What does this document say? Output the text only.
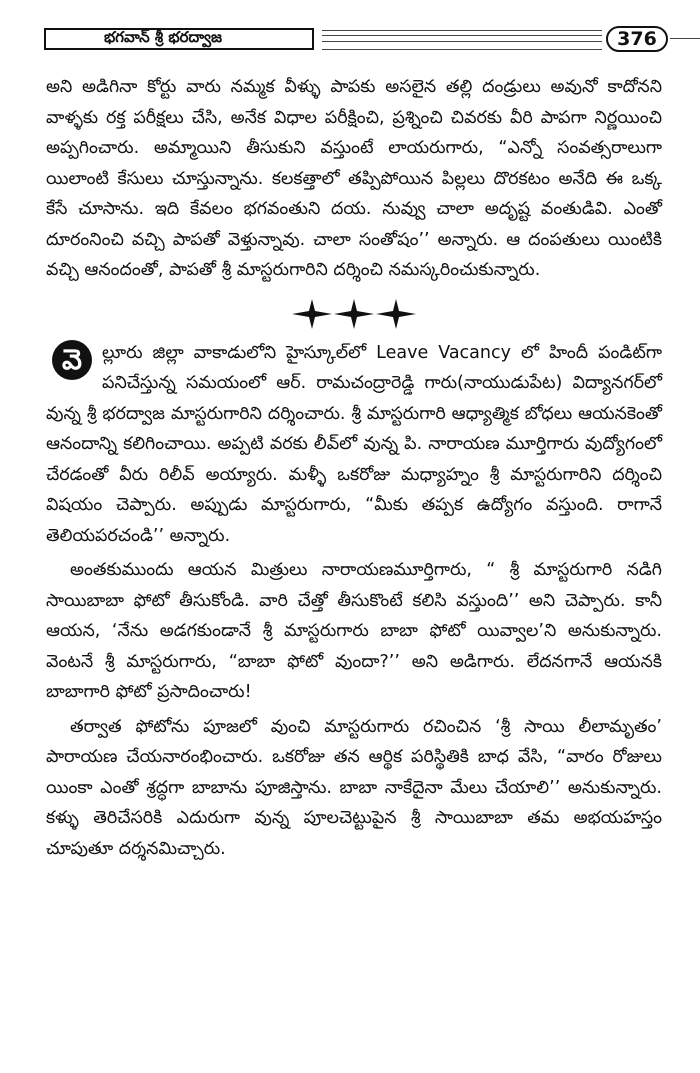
భగవాన్ శ్రీ భరద్వాజ	376

అని అడిగినా కోర్టు వారు నమ్మక వీళ్ళు పాపకు అసలైన తల్లి దండ్రులు అవునో కాదోనని వాళ్ళకు రక్త పరీక్షలు చేసి, అనేక విధాల పరీక్షించి, ప్రశ్నించి చివరకు వీరి పాపగా నిర్ణయించి అప్పగించారు. అమ్మాయిని తీసుకుని వస్తుంటే లాయరుగారు, “ఎన్నో సంవత్సరాలుగా యిలాంటి కేసులు చూస్తున్నాను. కలకత్తాలో తప్పిపోయిన పిల్లలు దొరకటం అనేది ఈ ఒక్క కేసే చూసాను. ఇది కేవలం భగవంతుని దయ. నువ్వు చాలా అదృష్ట వంతుడివి. ఎంతో దూరంనించి వచ్చి పాపతో వెళ్తున్నావు. చాలా సంతోషం’’ అన్నారు. ఆ దంపతులు యింటికి వచ్చి ఆనందంతో, పాపతో శ్రీ మాస్టరుగారిని దర్శించి నమస్కరించుకున్నారు.

వె	ల్లూరు జిల్లా వాకాడులోని హైస్కూల్‌లో Leave Vacancy లో హిందీ పండిట్‌గా పనిచేస్తున్న సమయంలో ఆర్. రామచంద్రారెడ్డి గారు(నాయుడుపేట) విద్యానగర్‌లో వున్న శ్రీ భరద్వాజ మాస్టరుగారిని దర్శించారు. శ్రీ మాస్టరుగారి ఆధ్యాత్మిక బోధలు ఆయనకెంతో ఆనందాన్ని కలిగించాయి. అప్పటి వరకు లీవ్‌లో వున్న పి. నారాయణ మూర్తిగారు వుద్యోగంలో చేరడంతో వీరు రిలీవ్ అయ్యారు. మళ్ళీ ఒకరోజు మధ్యాహ్నం శ్రీ మాస్టరుగారిని దర్శించి విషయం చెప్పారు. అప్పుడు మాస్టరుగారు, “మీకు తప్పక ఉద్యోగం వస్తుంది. రాగానే తెలియపరచండి’’ అన్నారు.

అంతకుముందు ఆయన మిత్రులు నారాయణమూర్తిగారు, “ శ్రీ మాస్టరుగారి నడిగి సాయిబాబా ఫోటో తీసుకోండి. వారి చేత్తో తీసుకొంటే కలిసి వస్తుంది’’ అని చెప్పారు. కానీ ఆయన, ‘నేను అడగకుండానే శ్రీ మాస్టరుగారు బాబా ఫోటో యివ్వాల’ని అనుకున్నారు. వెంటనే శ్రీ మాస్టరుగారు, “బాబా ఫోటో వుందా?’’ అని అడిగారు. లేదనగానే ఆయనకి బాబాగారి ఫోటో ప్రసాదించారు!

తర్వాత ఫోటోను పూజలో వుంచి మాస్టరుగారు రచించిన ‘శ్రీ సాయి లీలామృతం’ పారాయణ చేయనారంభించారు. ఒకరోజు తన ఆర్థిక పరిస్థితికి బాధ వేసి, “వారం రోజులు యింకా ఎంతో శ్రద్ధగా బాబాను పూజిస్తాను. బాబా నాకేదైనా మేలు చేయాలి’’ అనుకున్నారు. కళ్ళు తెరిచేసరికి ఎదురుగా వున్న పూలచెట్టుపైన శ్రీ సాయిబాబా తమ అభయహస్తం చూపుతూ దర్శనమిచ్చారు.
